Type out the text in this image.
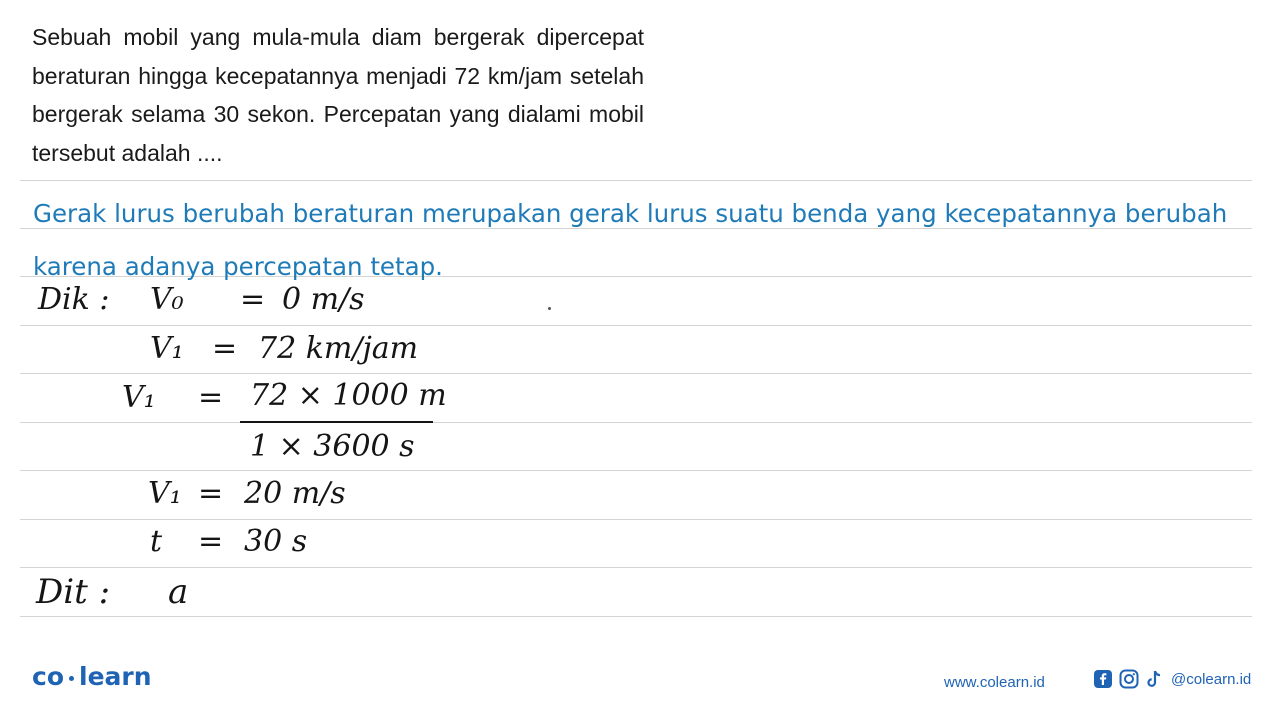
Sebuah mobil yang mula-mula diam bergerak dipercepat beraturan hingga kecepatannya menjadi 72 km/jam setelah bergerak selama 30 sekon. Percepatan yang dialami mobil tersebut adalah ....
Gerak lurus berubah beraturan merupakan gerak lurus suatu benda yang kecepatannya berubah
karena adanya percepatan tetap.
Dik : V₀ = 0 m/s
V₁ = 72 km/jam
V₁ = 72 × 1000 m
1 × 3600 s
V₁ = 20 m/s
t = 30 s
Dit : a
co learn	www.colearn.id	@colearn.id
